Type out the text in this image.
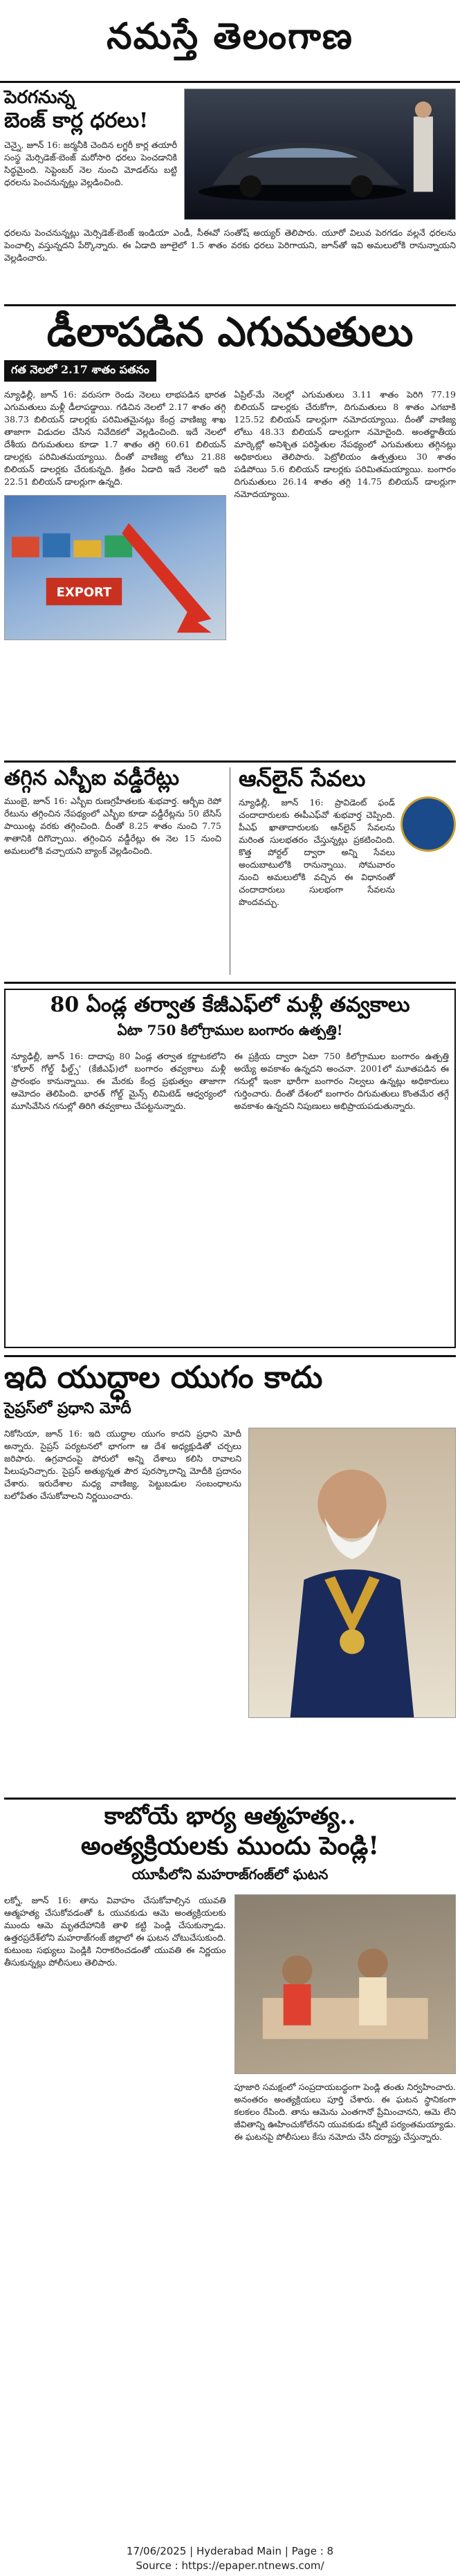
నమస్తే తెలంగాణ
పెరగనున్న
బెంజ్ కార్ల ధరలు!
చెన్నై, జూన్ 16: జర్మనీకి చెందిన లగ్జరీ కార్ల తయారీ సంస్థ మెర్సిడెజ్-బెంజ్ మరోసారి ధరలు పెంచడానికి సిద్ధమైంది. సెప్టెంబర్ నెల నుంచి మోడల్‌ను బట్టి ధరలను పెంచనున్నట్లు వెల్లడించింది.
ధరలను పెంచనున్నట్లు మెర్సిడెజ్-బెంజ్ ఇండియా ఎండీ, సీఈవో సంతోష్ అయ్యర్ తెలిపారు. యూరో విలువ పెరగడం వల్లనే ధరలను పెంచాల్సి వస్తున్నదని పేర్కొన్నారు. ఈ ఏడాది జూలైలో 1.5 శాతం వరకు ధరలు పెరిగాయని, జూన్‌తో ఇవి అమలులోకి రానున్నాయని వెల్లడించారు.
డీలాపడిన ఎగుమతులు
గత నెలలో 2.17 శాతం పతనం
న్యూఢిల్లీ, జూన్ 16: వరుసగా రెండు నెలలు లాభపడిన భారత ఎగుమతులు మళ్లీ డీలాపడ్డాయి. గడిచిన నెలలో 2.17 శాతం తగ్గి 38.73 బిలియన్ డాలర్లకు పరిమితమైనట్లు కేంద్ర వాణిజ్య శాఖ తాజాగా విడుదల చేసిన నివేదికలో వెల్లడించింది. ఇదే నెలలో దేశీయ దిగుమతులు కూడా 1.7 శాతం తగ్గి 60.61 బిలియన్ డాలర్లకు పరిమితమయ్యాయి. దీంతో వాణిజ్య లోటు 21.88 బిలియన్ డాలర్లకు చేరుకున్నది. క్రితం ఏడాది ఇదే నెలలో ఇది 22.51 బిలియన్ డాలర్లుగా ఉన్నది.
EXPORT
ఏప్రిల్-మే నెలల్లో ఎగుమతులు 3.11 శాతం పెరిగి 77.19 బిలియన్ డాలర్లకు చేరుకోగా, దిగుమతులు 8 శాతం ఎగబాకి 125.52 బిలియన్ డాలర్లుగా నమోదయ్యాయి. దీంతో వాణిజ్య లోటు 48.33 బిలియన్ డాలర్లుగా నమోదైంది. అంతర్జాతీయ మార్కెట్లో అనిశ్చిత పరిస్థితుల నేపథ్యంలో ఎగుమతులు తగ్గినట్లు అధికారులు తెలిపారు. పెట్రోలియం ఉత్పత్తులు 30 శాతం పడిపోయి 5.6 బిలియన్ డాలర్లకు పరిమితమయ్యాయి. బంగారం దిగుమతులు 26.14 శాతం తగ్గి 14.75 బిలియన్ డాలర్లుగా నమోదయ్యాయి.
తగ్గిన ఎస్బీఐ వడ్డీరేట్లు
ముంబై, జూన్ 16: ఎస్బీఐ రుణగ్రహీతలకు శుభవార్త. ఆర్బీఐ రెపో రేటును తగ్గించిన నేపథ్యంలో ఎస్బీఐ కూడా వడ్డీరేట్లను 50 బేసిస్ పాయింట్ల వరకు తగ్గించింది. దీంతో 8.25 శాతం నుంచి 7.75 శాతానికి దిగొచ్చాయి. తగ్గించిన వడ్డీరేట్లు ఈ నెల 15 నుంచి అమలులోకి వచ్చాయని బ్యాంక్ వెల్లడించింది.
ఆన్‌లైన్ సేవలు
న్యూఢిల్లీ, జూన్ 16: ప్రావిడెంట్ ఫండ్ చందాదారులకు ఈపీఎఫ్‌వో శుభవార్త చెప్పింది. పీఎఫ్ ఖాతాదారులకు ఆన్‌లైన్ సేవలను మరింత సులభతరం చేస్తున్నట్లు ప్రకటించింది. కొత్త పోర్టల్ ద్వారా అన్ని సేవలు అందుబాటులోకి రానున్నాయి. సోమవారం నుంచి అమలులోకి వచ్చిన ఈ విధానంతో చందాదారులు సులభంగా సేవలను పొందవచ్చు.
80 ఏండ్ల తర్వాత కేజీఎఫ్‌లో మళ్లీ తవ్వకాలు
ఏటా 750 కిలోగ్రాముల బంగారం ఉత్పత్తి!
న్యూఢిల్లీ, జూన్ 16: దాదాపు 80 ఏండ్ల తర్వాత కర్ణాటకలోని 'కోలార్ గోల్డ్ ఫీల్డ్స్' (కేజీఎఫ్)లో బంగారం తవ్వకాలు మళ్లీ ప్రారంభం కానున్నాయి. ఈ మేరకు కేంద్ర ప్రభుత్వం తాజాగా ఆమోదం తెలిపింది. భారత్ గోల్డ్ మైన్స్ లిమిటెడ్ ఆధ్వర్యంలో మూసివేసిన గనుల్లో తిరిగి తవ్వకాలు చేపట్టనున్నారు.
ఈ ప్రక్రియ ద్వారా ఏటా 750 కిలోగ్రాముల బంగారం ఉత్పత్తి అయ్యే అవకాశం ఉన్నదని అంచనా. 2001లో మూతపడిన ఈ గనుల్లో ఇంకా భారీగా బంగారం నిల్వలు ఉన్నట్లు అధికారులు గుర్తించారు. దీంతో దేశంలో బంగారం దిగుమతులు కొంతమేర తగ్గే అవకాశం ఉన్నదని నిపుణులు అభిప్రాయపడుతున్నారు.
ఇది యుద్ధాల యుగం కాదు
సైప్రస్‌లో ప్రధాని మోదీ
నికోసియా, జూన్ 16: ఇది యుద్ధాల యుగం కాదని ప్రధాని మోదీ అన్నారు. సైప్రస్ పర్యటనలో భాగంగా ఆ దేశ అధ్యక్షుడితో చర్చలు జరిపారు. ఉగ్రవాదంపై పోరులో అన్ని దేశాలు కలిసి రావాలని పిలుపునిచ్చారు. సైప్రస్ అత్యున్నత పౌర పురస్కారాన్ని మోదీకి ప్రదానం చేశారు. ఇరుదేశాల మధ్య వాణిజ్య, పెట్టుబడుల సంబంధాలను బలోపేతం చేసుకోవాలని నిర్ణయించారు.
కాబోయే భార్య ఆత్మహత్య..
అంత్యక్రియలకు ముందు పెండ్లి!
యూపీలోని మహరాజ్‌గంజ్‌లో ఘటన
లక్నో, జూన్ 16: తాను వివాహం చేసుకోవాల్సిన యువతి ఆత్మహత్య చేసుకోవడంతో ఓ యువకుడు ఆమె అంత్యక్రియలకు ముందు ఆమె మృతదేహానికి తాళి కట్టి పెండ్లి చేసుకున్నాడు. ఉత్తరప్రదేశ్‌లోని మహరాజ్‌గంజ్ జిల్లాలో ఈ ఘటన చోటుచేసుకుంది. కుటుంబ సభ్యులు పెండ్లికి నిరాకరించడంతో యువతి ఈ నిర్ణయం తీసుకున్నట్లు పోలీసులు తెలిపారు.
పూజారి సమక్షంలో సంప్రదాయబద్ధంగా పెండ్లి తంతు నిర్వహించారు. అనంతరం అంత్యక్రియలు పూర్తి చేశారు. ఈ ఘటన స్థానికంగా కలకలం రేపింది. తాను ఆమెను ఎంతగానో ప్రేమించానని, ఆమె లేని జీవితాన్ని ఊహించుకోలేనని యువకుడు కన్నీటి పర్యంతమయ్యాడు. ఈ ఘటనపై పోలీసులు కేసు నమోదు చేసి దర్యాప్తు చేస్తున్నారు.
17/06/2025 | Hyderabad Main | Page : 8
Source : https://epaper.ntnews.com/
